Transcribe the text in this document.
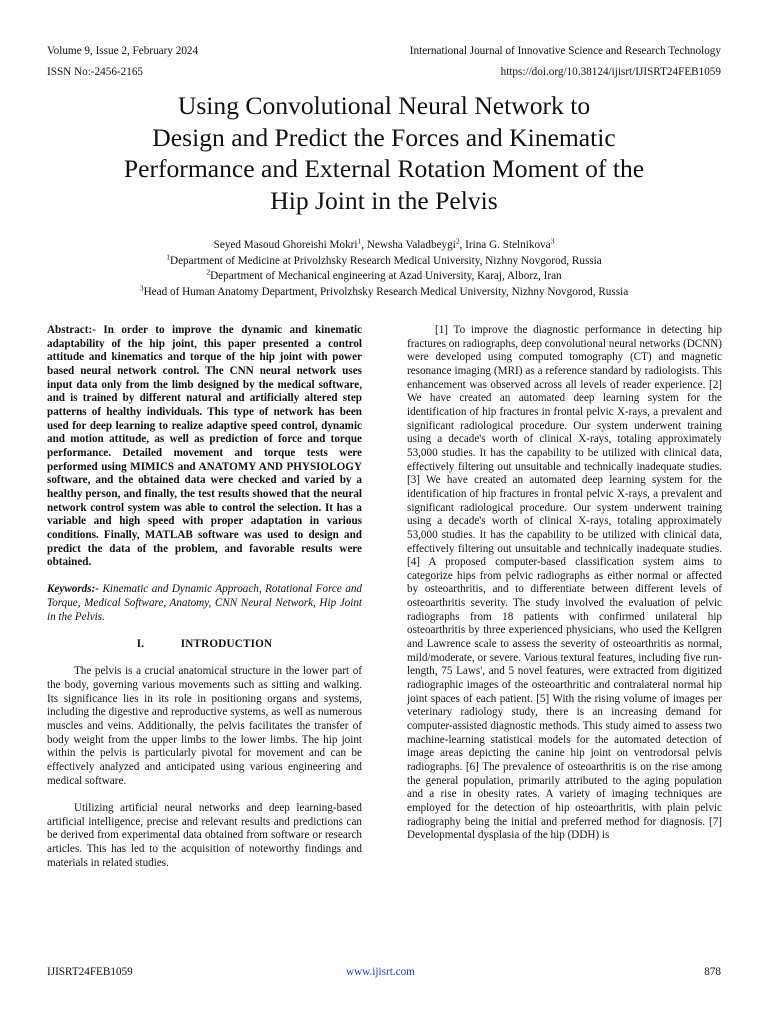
Volume 9, Issue 2, February 2024	International Journal of Innovative Science and Research Technology
ISSN No:-2456-2165	https://doi.org/10.38124/ijisrt/IJISRT24FEB1059
Using Convolutional Neural Network to
Design and Predict the Forces and Kinematic
Performance and External Rotation Moment of the
Hip Joint in the Pelvis
Seyed Masoud Ghoreishi Mokri$^1$, Newsha Valadbeygi$^2$, Irina G. Stelnikova$^3$
$^1$Department of Medicine at Privolzhsky Research Medical University, Nizhny Novgorod, Russia
$^2$Department of Mechanical engineering at Azad University, Karaj, Alborz, Iran
$^3$Head of Human Anatomy Department, Privolzhsky Research Medical University, Nizhny Novgorod, Russia

Abstract:- In order to improve the dynamic and kinematic adaptability of the hip joint, this paper presented a control attitude and kinematics and torque of the hip joint with power based neural network control. The CNN neural network uses input data only from the limb designed by the medical software, and is trained by different natural and artificially altered step patterns of healthy individuals. This type of network has been used for deep learning to realize adaptive speed control, dynamic and motion attitude, as well as prediction of force and torque performance. Detailed movement and torque tests were performed using MIMICS and ANATOMY AND PHYSIOLOGY software, and the obtained data were checked and varied by a healthy person, and finally, the test results showed that the neural network control system was able to control the selection. It has a variable and high speed with proper adaptation in various conditions. Finally, MATLAB software was used to design and predict the data of the problem, and favorable results were obtained.

Keywords:- Kinematic and Dynamic Approach, Rotational Force and Torque, Medical Software, Anatomy, CNN Neural Network, Hip Joint in the Pelvis.

I.	INTRODUCTION

The pelvis is a crucial anatomical structure in the lower part of the body, governing various movements such as sitting and walking. Its significance lies in its role in positioning organs and systems, including the digestive and reproductive systems, as well as numerous muscles and veins. Additionally, the pelvis facilitates the transfer of body weight from the upper limbs to the lower limbs. The hip joint within the pelvis is particularly pivotal for movement and can be effectively analyzed and anticipated using various engineering and medical software.

Utilizing artificial neural networks and deep learning-based artificial intelligence, precise and relevant results and predictions can be derived from experimental data obtained from software or research articles. This has led to the acquisition of noteworthy findings and materials in related studies.

[1] To improve the diagnostic performance in detecting hip fractures on radiographs, deep convolutional neural networks (DCNN) were developed using computed tomography (CT) and magnetic resonance imaging (MRI) as a reference standard by radiologists. This enhancement was observed across all levels of reader experience. [2] We have created an automated deep learning system for the identification of hip fractures in frontal pelvic X-rays, a prevalent and significant radiological procedure. Our system underwent training using a decade's worth of clinical X-rays, totaling approximately 53,000 studies. It has the capability to be utilized with clinical data, effectively filtering out unsuitable and technically inadequate studies. [3] We have created an automated deep learning system for the identification of hip fractures in frontal pelvic X-rays, a prevalent and significant radiological procedure. Our system underwent training using a decade's worth of clinical X-rays, totaling approximately 53,000 studies. It has the capability to be utilized with clinical data, effectively filtering out unsuitable and technically inadequate studies. [4] A proposed computer-based classification system aims to categorize hips from pelvic radiographs as either normal or affected by osteoarthritis, and to differentiate between different levels of osteoarthritis severity. The study involved the evaluation of pelvic radiographs from 18 patients with confirmed unilateral hip osteoarthritis by three experienced physicians, who used the Kellgren and Lawrence scale to assess the severity of osteoarthritis as normal, mild/moderate, or severe. Various textural features, including five run-length, 75 Laws', and 5 novel features, were extracted from digitized radiographic images of the osteoarthritic and contralateral normal hip joint spaces of each patient. [5] With the rising volume of images per veterinary radiology study, there is an increasing demand for computer-assisted diagnostic methods. This study aimed to assess two machine-learning statistical models for the automated detection of image areas depicting the canine hip joint on ventrodorsal pelvis radiographs. [6] The prevalence of osteoarthritis is on the rise among the general population, primarily attributed to the aging population and a rise in obesity rates. A variety of imaging techniques are employed for the detection of hip osteoarthritis, with plain pelvic radiography being the initial and preferred method for diagnosis. [7] Developmental dysplasia of the hip (DDH) is

IJISRT24FEB1059	www.ijisrt.com	878
